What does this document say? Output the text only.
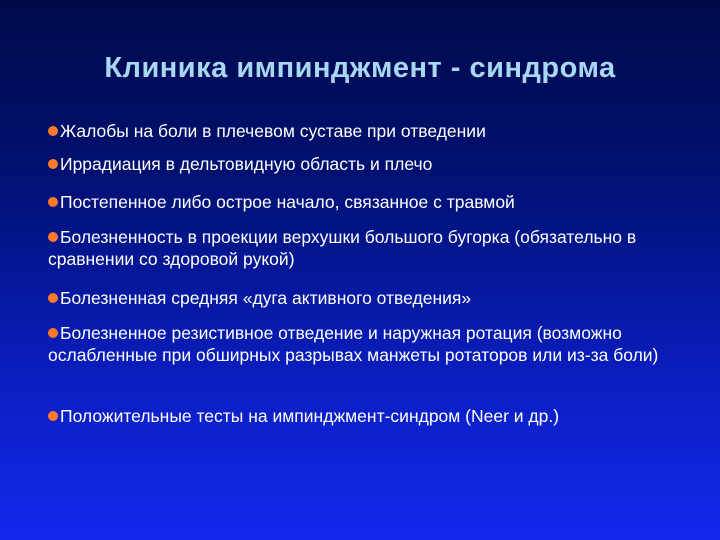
Клиника импинджмент - синдрома
Жалобы на боли в плечевом суставе при отведении
Иррадиация в дельтовидную область и плечо
Постепенное либо острое начало, связанное с травмой
Болезненность в проекции верхушки большого бугорка (обязательно в сравнении со здоровой рукой)
Болезненная средняя «дуга активного отведения»
Болезненное резистивное отведение и наружная ротация (возможно ослабленные при обширных разрывах манжеты ротаторов или из-за боли)
Положительные тесты на импинджмент-синдром (Neer и др.)
